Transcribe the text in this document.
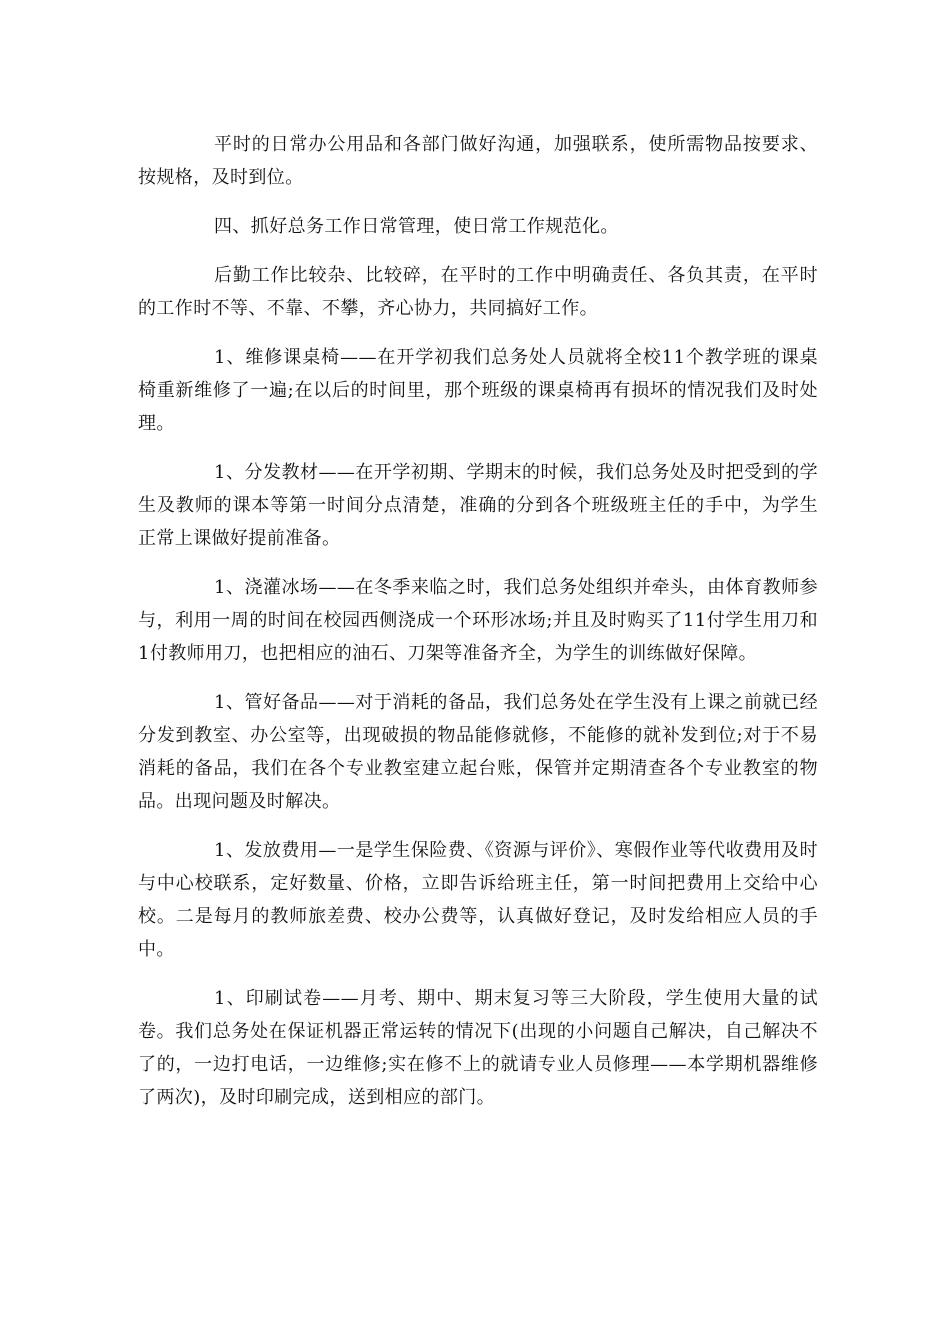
平时的日常办公用品和各部门做好沟通，加强联系，使所需物品按要求、按规格，及时到位。

四、抓好总务工作日常管理，使日常工作规范化。

后勤工作比较杂、比较碎，在平时的工作中明确责任、各负其责，在平时的工作时不等、不靠、不攀，齐心协力，共同搞好工作。

1、维修课桌椅——在开学初我们总务处人员就将全校11个教学班的课桌椅重新维修了一遍;在以后的时间里，那个班级的课桌椅再有损坏的情况我们及时处理。

1、分发教材——在开学初期、学期末的时候，我们总务处及时把受到的学生及教师的课本等第一时间分点清楚，准确的分到各个班级班主任的手中，为学生正常上课做好提前准备。

1、浇灌冰场——在冬季来临之时，我们总务处组织并牵头，由体育教师参与，利用一周的时间在校园西侧浇成一个环形冰场;并且及时购买了11付学生用刀和1付教师用刀，也把相应的油石、刀架等准备齐全，为学生的训练做好保障。

1、管好备品——对于消耗的备品，我们总务处在学生没有上课之前就已经分发到教室、办公室等，出现破损的物品能修就修，不能修的就补发到位;对于不易消耗的备品，我们在各个专业教室建立起台账，保管并定期清查各个专业教室的物品。出现问题及时解决。

1、发放费用—一是学生保险费、《资源与评价》、寒假作业等代收费用及时与中心校联系，定好数量、价格，立即告诉给班主任，第一时间把费用上交给中心校。二是每月的教师旅差费、校办公费等，认真做好登记，及时发给相应人员的手中。

1、印刷试卷——月考、期中、期末复习等三大阶段，学生使用大量的试卷。我们总务处在保证机器正常运转的情况下(出现的小问题自己解决，自己解决不了的，一边打电话，一边维修;实在修不上的就请专业人员修理——本学期机器维修了两次)，及时印刷完成，送到相应的部门。
